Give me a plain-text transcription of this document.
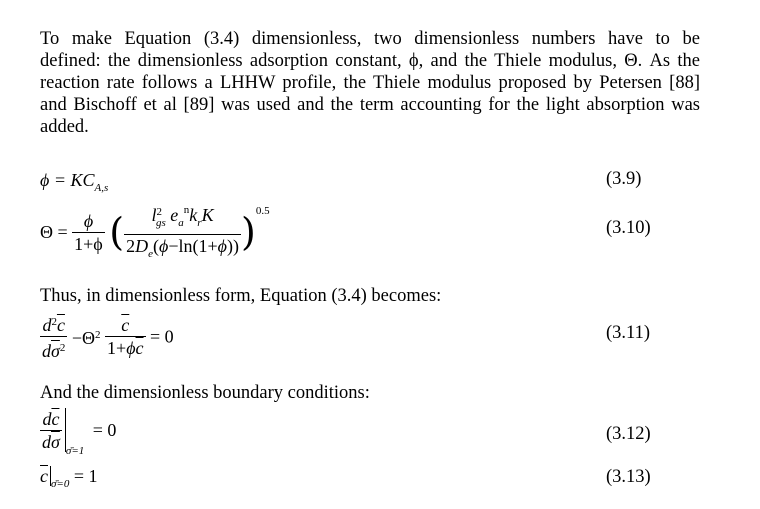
To make Equation (3.4) dimensionless, two dimensionless numbers have to be
defined: the dimensionless adsorption constant, ϕ, and the Thiele modulus, Θ. As the
reaction rate follows a LHHW profile, the Thiele modulus proposed by Petersen [88]
and Bischoff et al [89] was used and the term accounting for the light absorption was
added.
$\phi = KC_{A,s}$	(3.9)
$\Theta = \frac{\phi}{1+\phi}$ ( $\frac{l^2_{gs} e_a^nk_rK}{2D_e(\phi-\ln(1+\phi))} )^{0.5}$
(3.10)
Thus, in dimensionless form, Equation (3.4) becomes:
$\frac{d^2\overline{c}}{d\overline{\sigma}^2} -\Theta^2 \frac{\overline{c}}{1+\phi\overline{c}} = 0$	(3.11)
And the dimensionless boundary conditions:
$\frac{d\overline{c}}{d\overline{\sigma}} _{\sigmā=1} = 0$	(3.12)
$\overline{c}$ $_{\sigmā=0}$ = 1	(3.13)
